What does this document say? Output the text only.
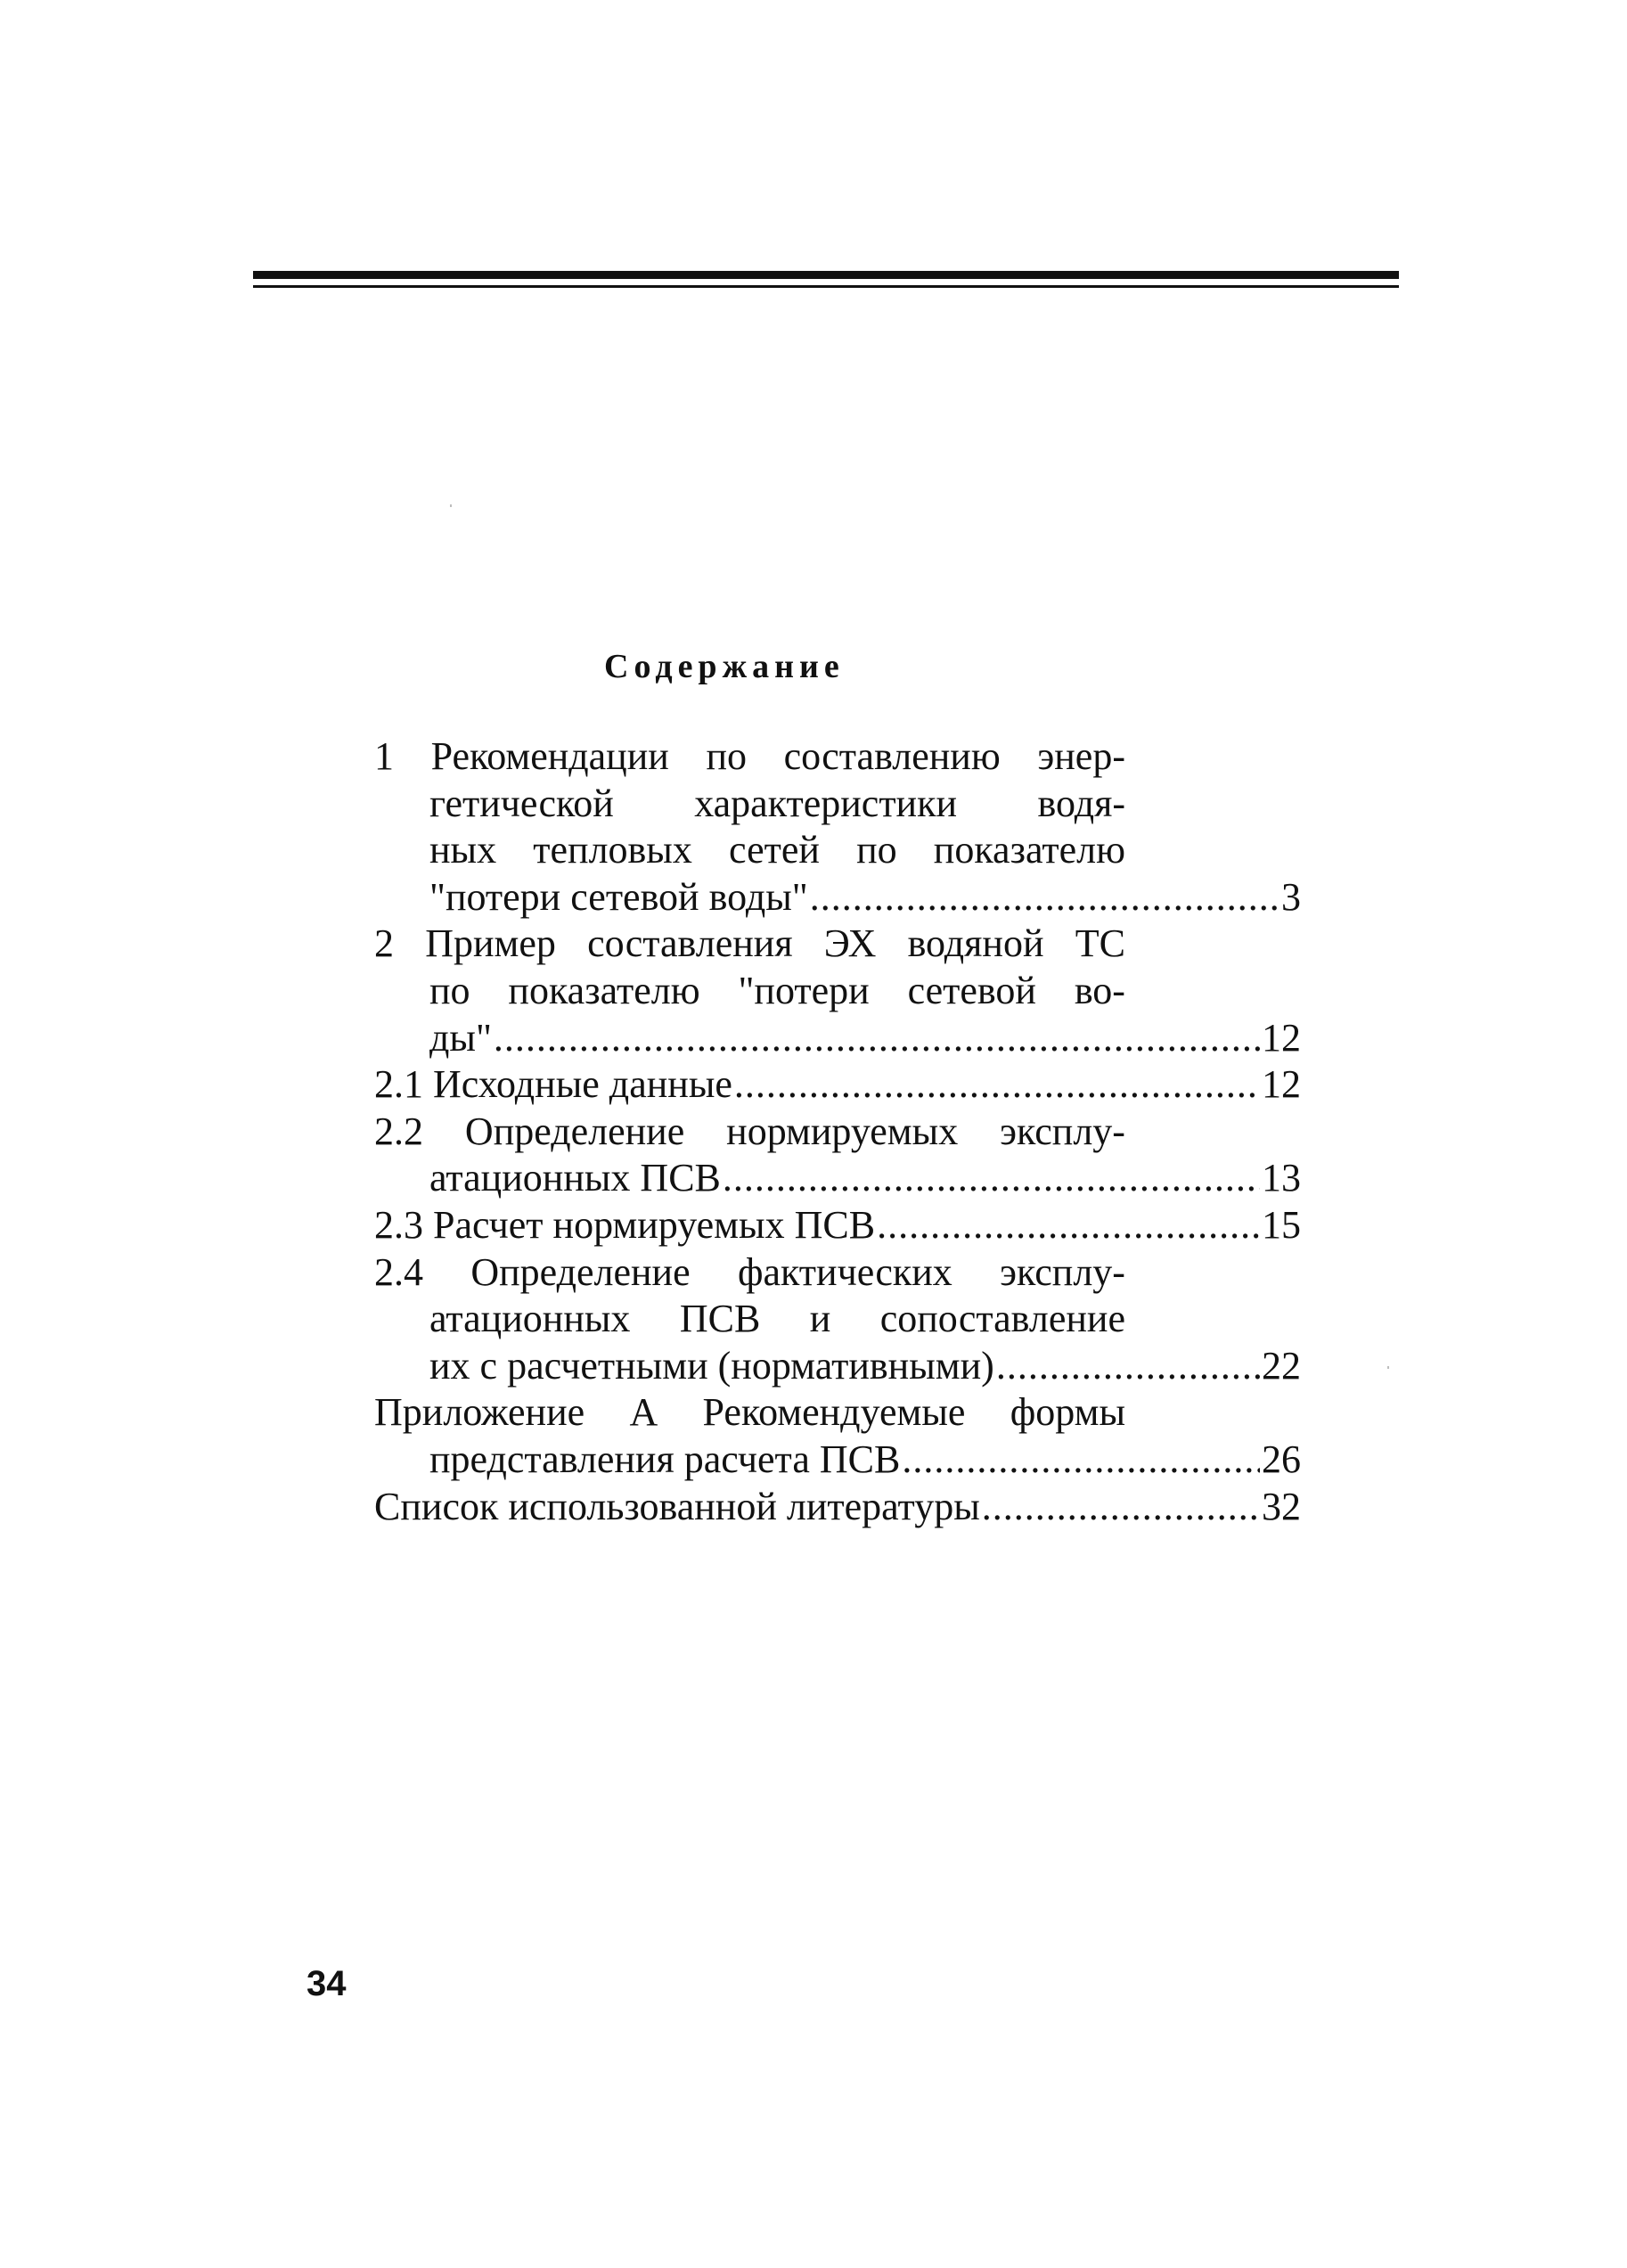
Содержание
1 Рекомендации по составлению энер-
гетической характеристики водя-
ных тепловых сетей по показателю
"потери сетевой воды" .....	3
2 Пример составления ЭХ водяной ТС
по показателю "потери сетевой во-
ды" .....	12
2.1 Исходные данные .....	12
2.2 Определение нормируемых эксплу-
атационных ПСВ .....	13
2.3 Расчет нормируемых ПСВ .....	15
2.4 Определение фактических эксплу-
атационных ПСВ и сопоставление
их с расчетными (нормативными) .....	22
Приложение А Рекомендуемые формы
представления расчета ПСВ .....	26
Список использованной литературы .....	32
34
